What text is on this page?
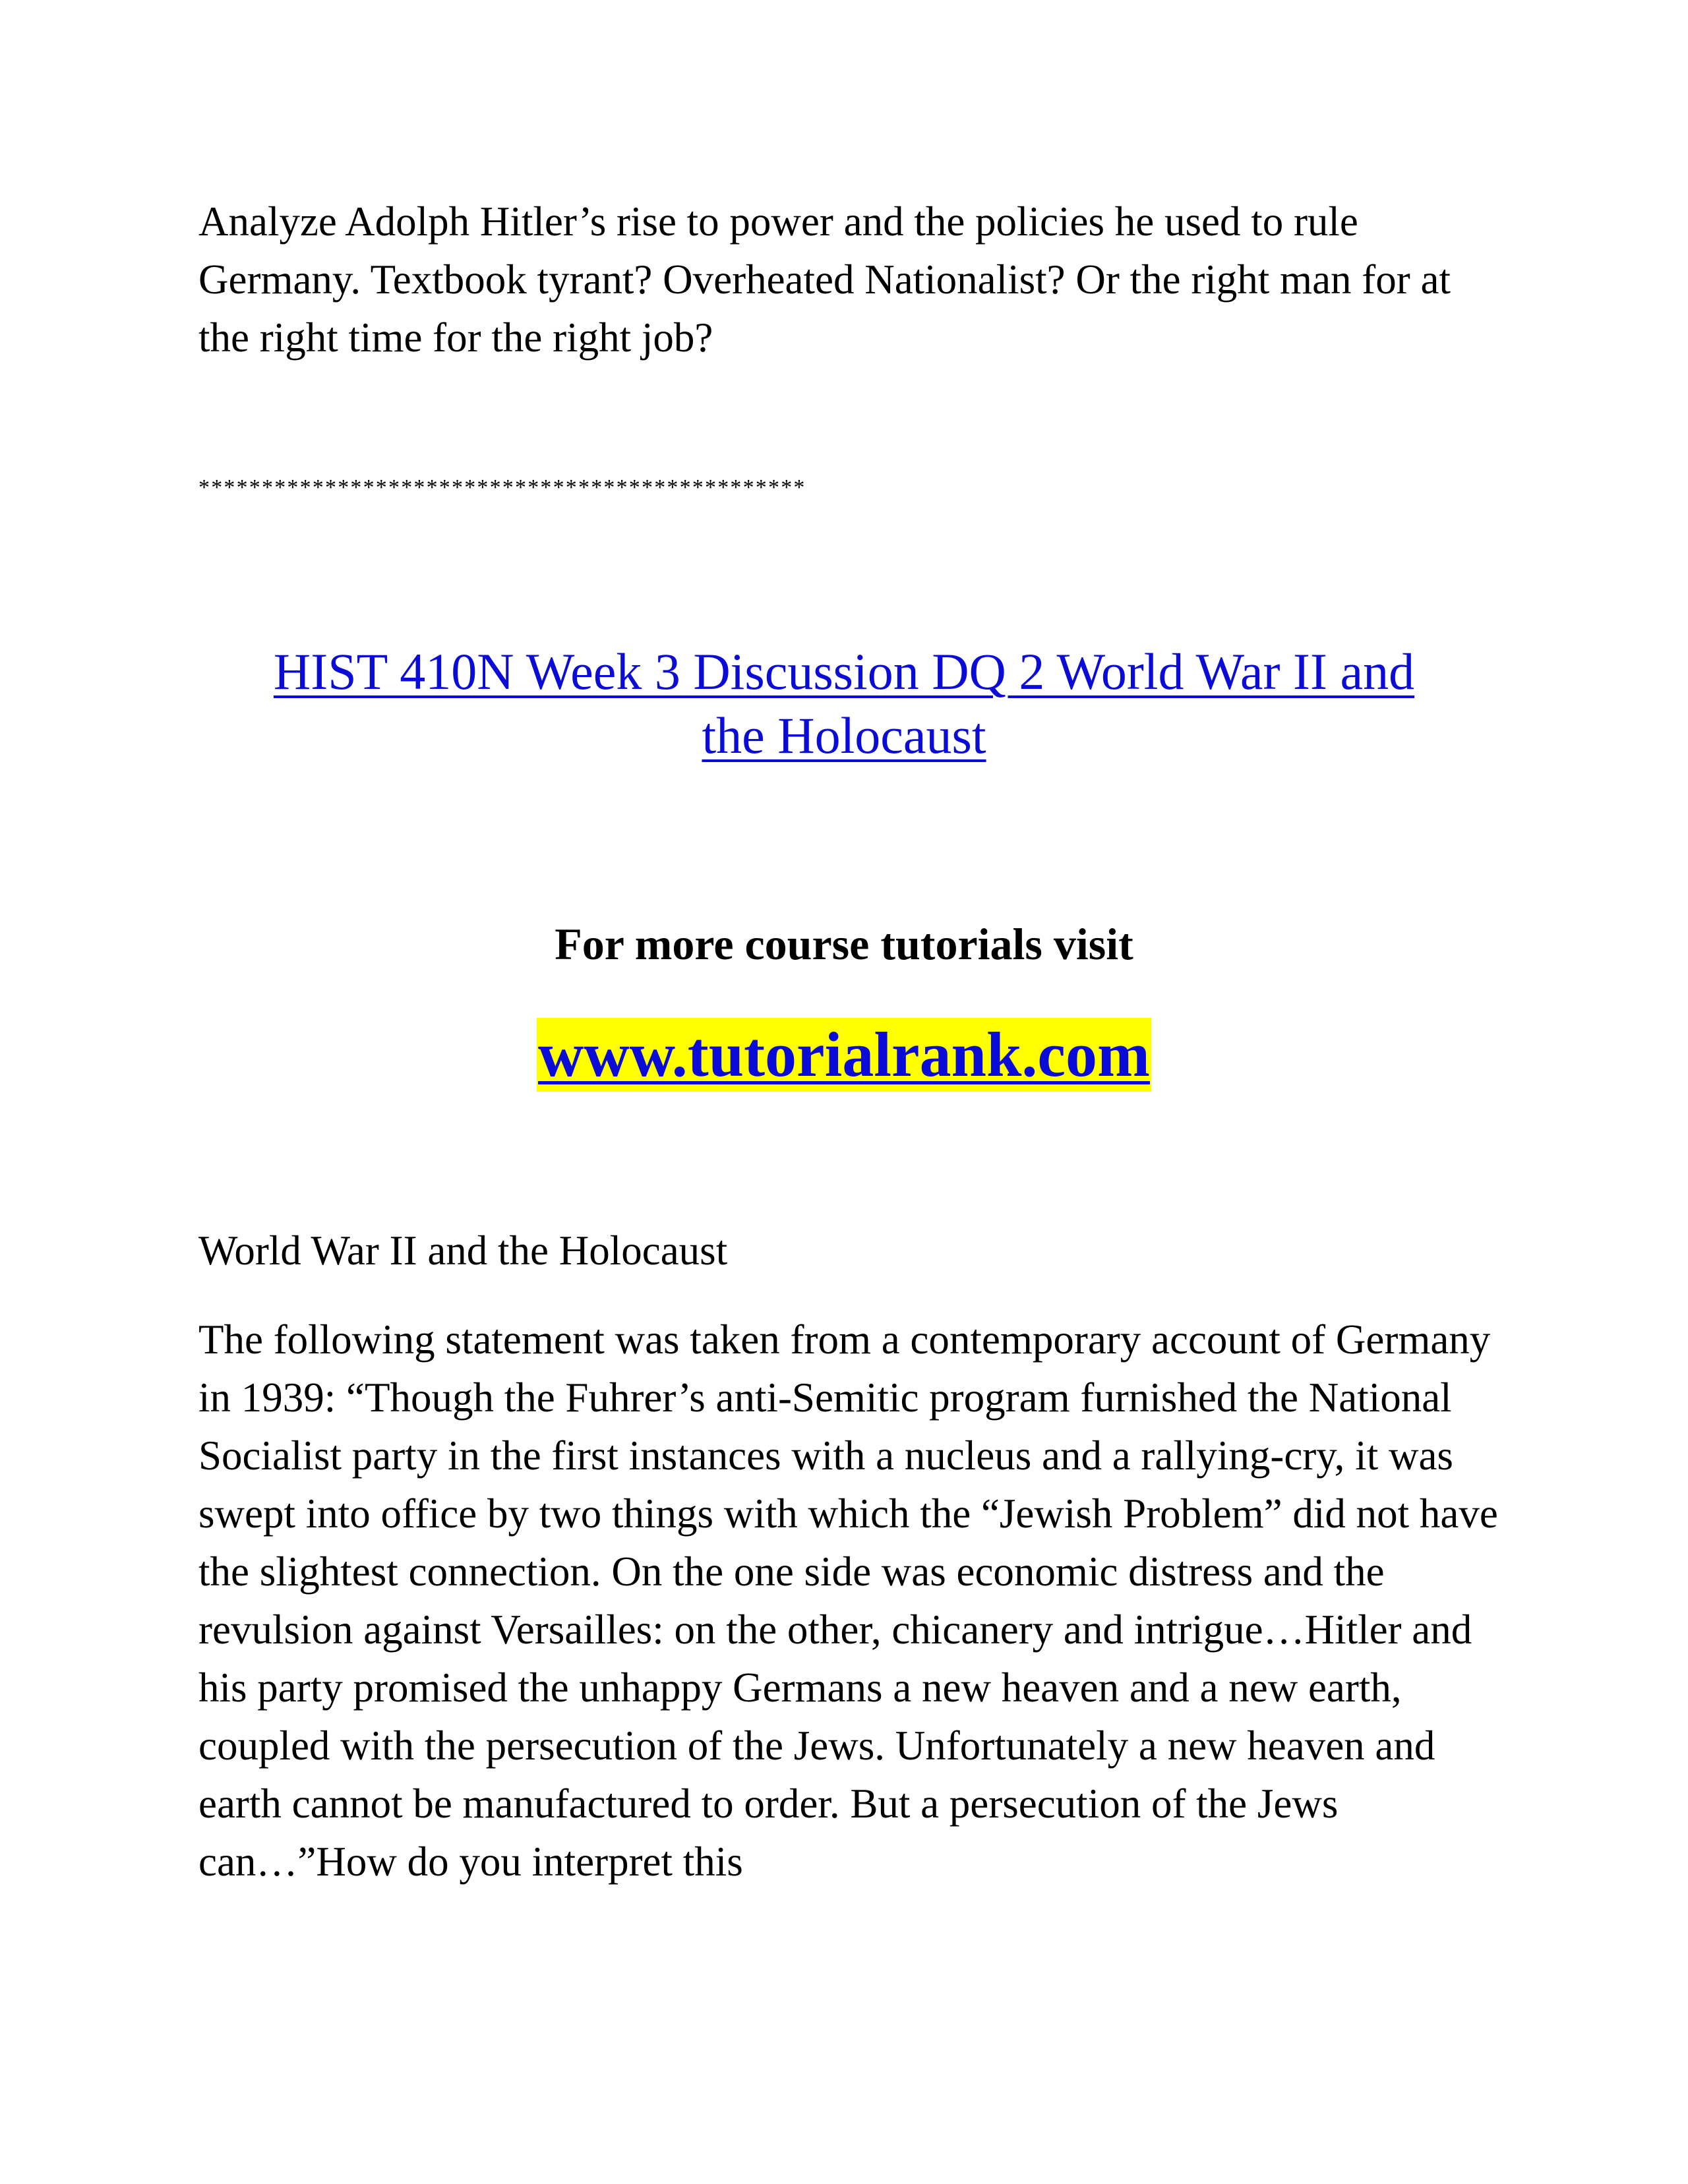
Analyze Adolph Hitler’s rise to power and the policies he used to rule Germany. Textbook tyrant? Overheated Nationalist? Or the right man for at the right time for the right job?

************************************************

HIST 410N Week 3 Discussion DQ 2 World War II and
the Holocaust

For more course tutorials visit

www.tutorialrank.com

World War II and the Holocaust

The following statement was taken from a contemporary account of Germany in 1939: “Though the Fuhrer’s anti-Semitic program furnished the National Socialist party in the first instances with a nucleus and a rallying-cry, it was swept into office by two things with which the “Jewish Problem” did not have the slightest connection. On the one side was economic distress and the revulsion against Versailles: on the other, chicanery and intrigue…Hitler and his party promised the unhappy Germans a new heaven and a new earth, coupled with the persecution of the Jews. Unfortunately a new heaven and earth cannot be manufactured to order. But a persecution of the Jews can…”How do you interpret this
